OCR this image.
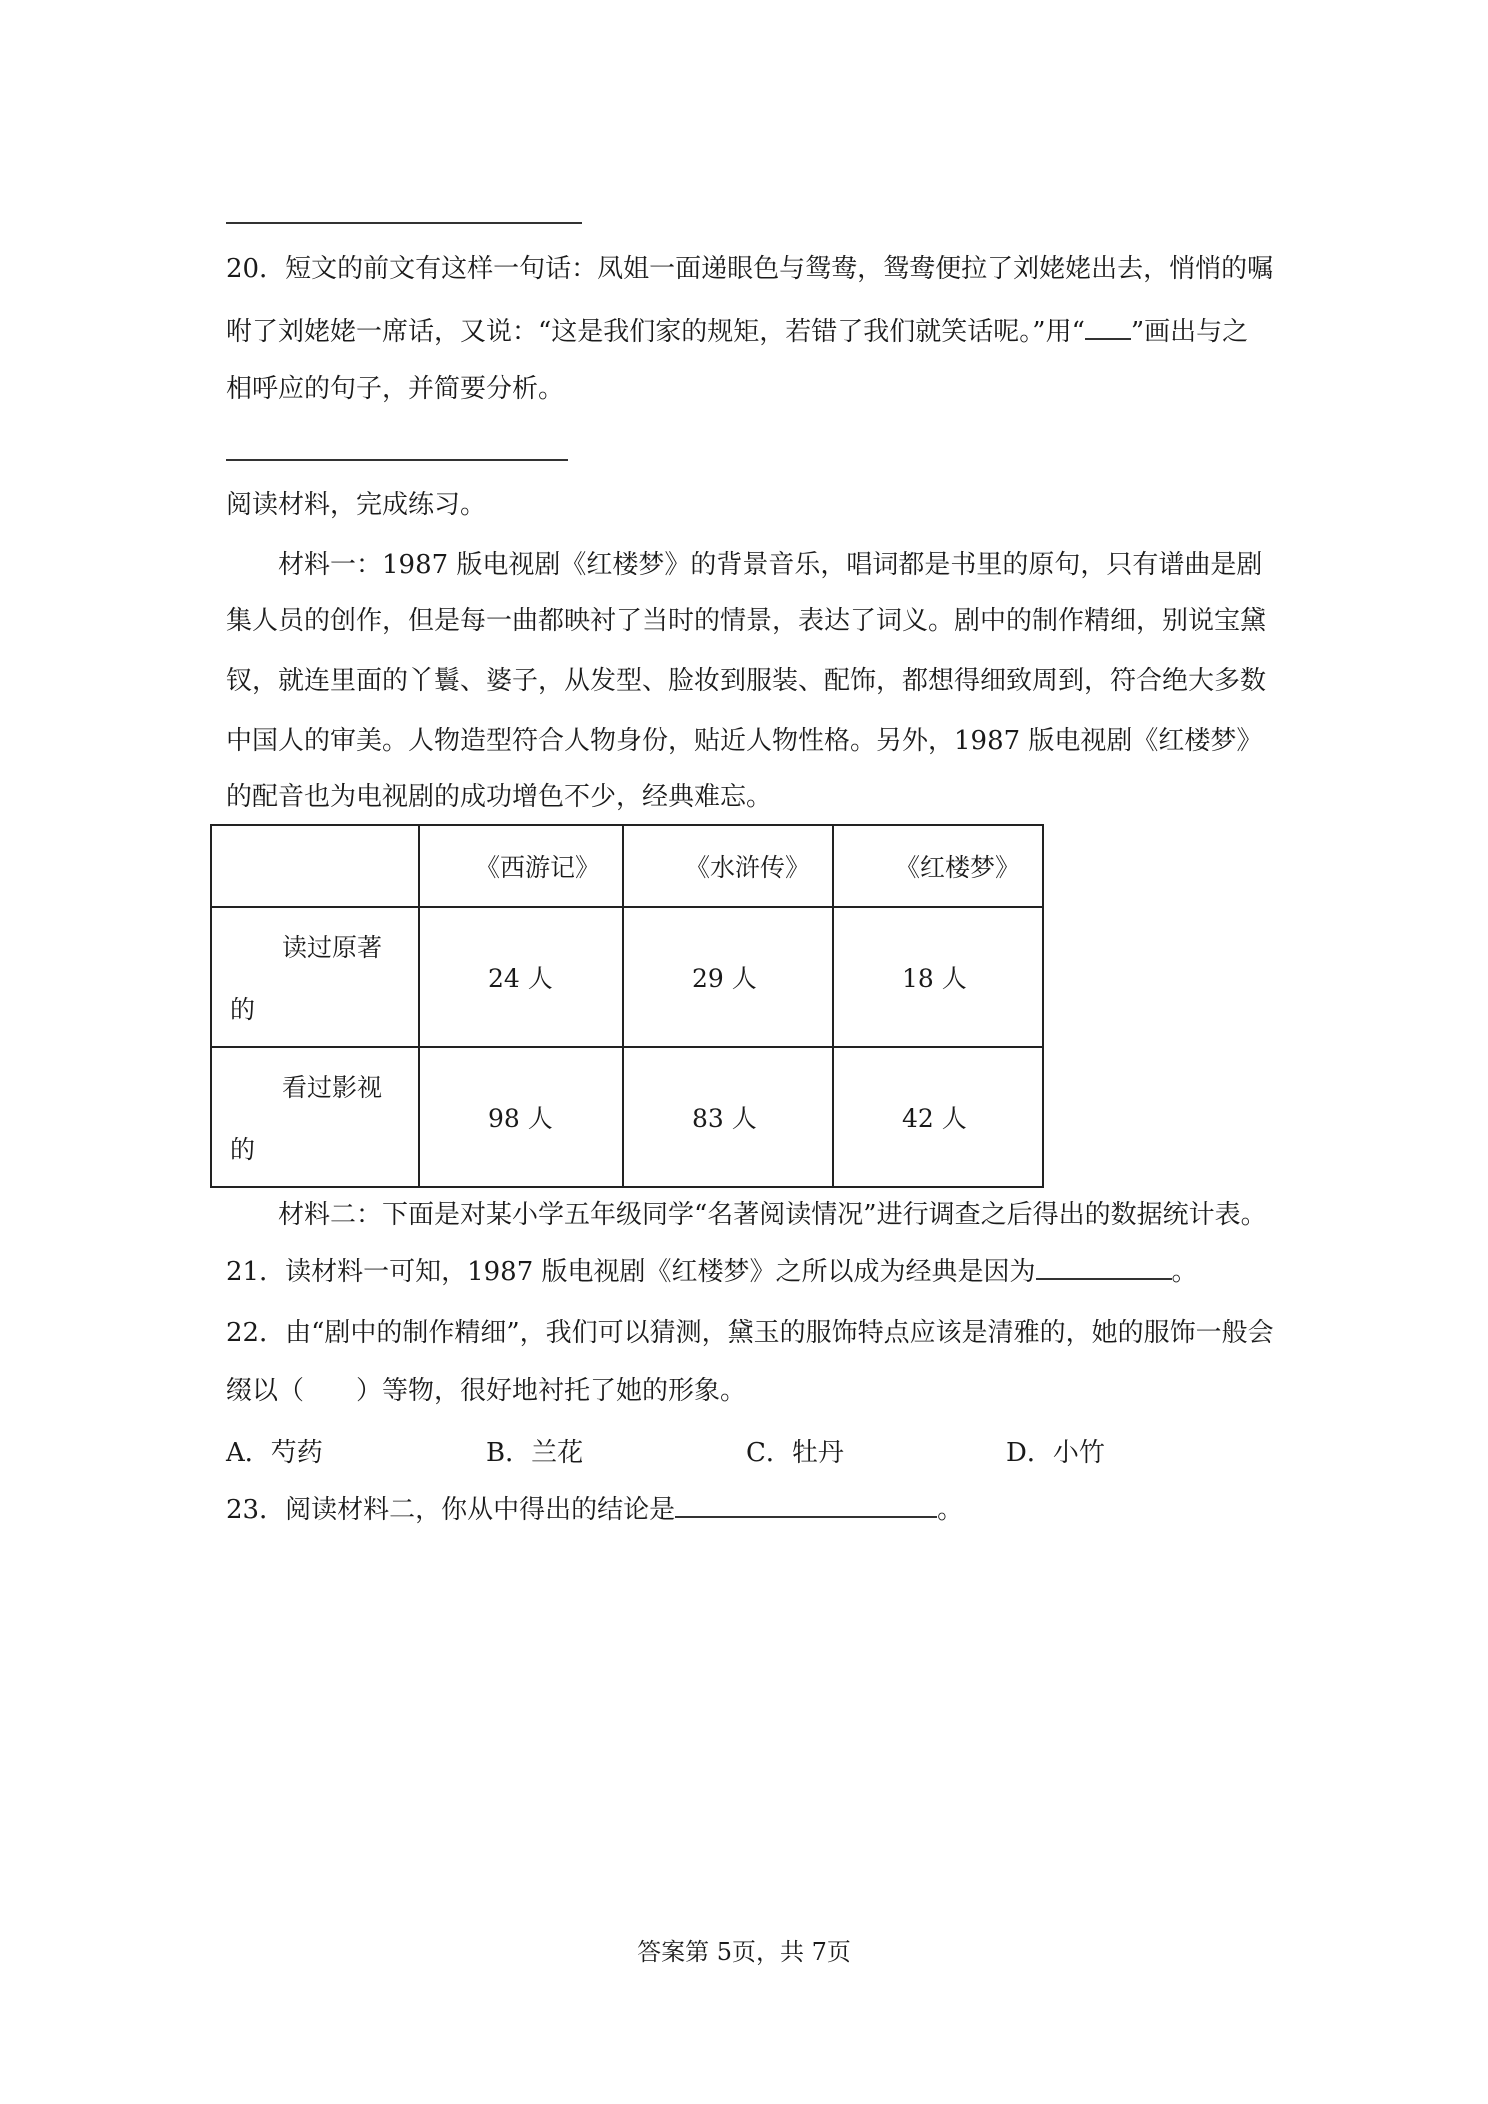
20．短文的前文有这样一句话：凤姐一面递眼色与鸳鸯，鸳鸯便拉了刘姥姥出去，悄悄的嘱
咐了刘姥姥一席话，又说：“这是我们家的规矩，若错了我们就笑话呢。”用“ ”画出与之
相呼应的句子，并简要分析。
阅读材料，完成练习。
材料一：1987 版电视剧《红楼梦》的背景音乐，唱词都是书里的原句，只有谱曲是剧
集人员的创作，但是每一曲都映衬了当时的情景，表达了词义。剧中的制作精细，别说宝黛
钗，就连里面的丫鬟、婆子，从发型、脸妆到服装、配饰，都想得细致周到，符合绝大多数
中国人的审美。人物造型符合人物身份，贴近人物性格。另外，1987 版电视剧《红楼梦》
的配音也为电视剧的成功增色不少，经典难忘。
	《西游记》	《水浒传》	《红楼梦》

读过原著
的	24 人	29 人	18 人

看过影视
的	98 人	83 人	42 人
材料二：下面是对某小学五年级同学“名著阅读情况”进行调查之后得出的数据统计表。
21．读材料一可知，1987 版电视剧《红楼梦》之所以成为经典是因为	。
22．由“剧中的制作精细”，我们可以猜测，黛玉的服饰特点应该是清雅的，她的服饰一般会
缀以（　　）等物，很好地衬托了她的形象。
A．芍药	B．兰花	C．牡丹	D．小竹
23．阅读材料二，你从中得出的结论是	。
答案第 5页，共 7页
